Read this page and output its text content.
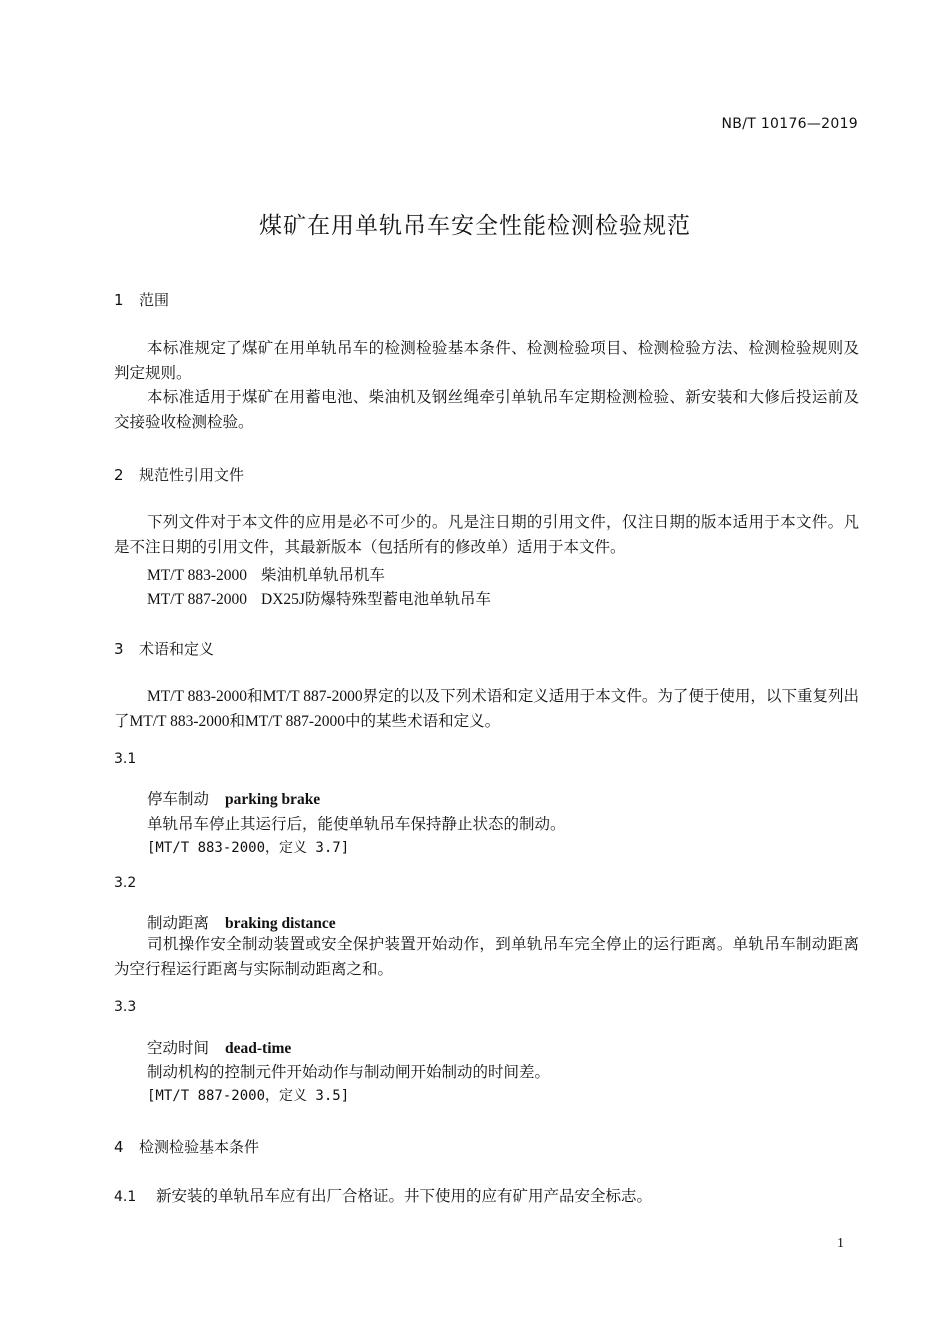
NB/T 10176—2019
煤矿在用单轨吊车安全性能检测检验规范
1 范围
本标准规定了煤矿在用单轨吊车的检测检验基本条件、检测检验项目、检测检验方法、检测检验规则及判定规则。
本标准适用于煤矿在用蓄电池、柴油机及钢丝绳牵引单轨吊车定期检测检验、新安装和大修后投运前及交接验收检测检验。
2 规范性引用文件
下列文件对于本文件的应用是必不可少的。凡是注日期的引用文件，仅注日期的版本适用于本文件。凡是不注日期的引用文件，其最新版本（包括所有的修改单）适用于本文件。
MT/T 883-2000 柴油机单轨吊机车
MT/T 887-2000 DX25J防爆特殊型蓄电池单轨吊车
3 术语和定义
MT/T 883-2000和MT/T 887-2000界定的以及下列术语和定义适用于本文件。为了便于使用，以下重复列出了MT/T 883-2000和MT/T 887-2000中的某些术语和定义。
3.1
停车制动 parking brake
单轨吊车停止其运行后，能使单轨吊车保持静止状态的制动。
[MT/T 883-2000，定义 3.7]
3.2
制动距离 braking distance
司机操作安全制动装置或安全保护装置开始动作，到单轨吊车完全停止的运行距离。单轨吊车制动距离为空行程运行距离与实际制动距离之和。
3.3
空动时间 dead-time
制动机构的控制元件开始动作与制动闸开始制动的时间差。
[MT/T 887-2000，定义 3.5]
4 检测检验基本条件
4.1 新安装的单轨吊车应有出厂合格证。井下使用的应有矿用产品安全标志。
1
